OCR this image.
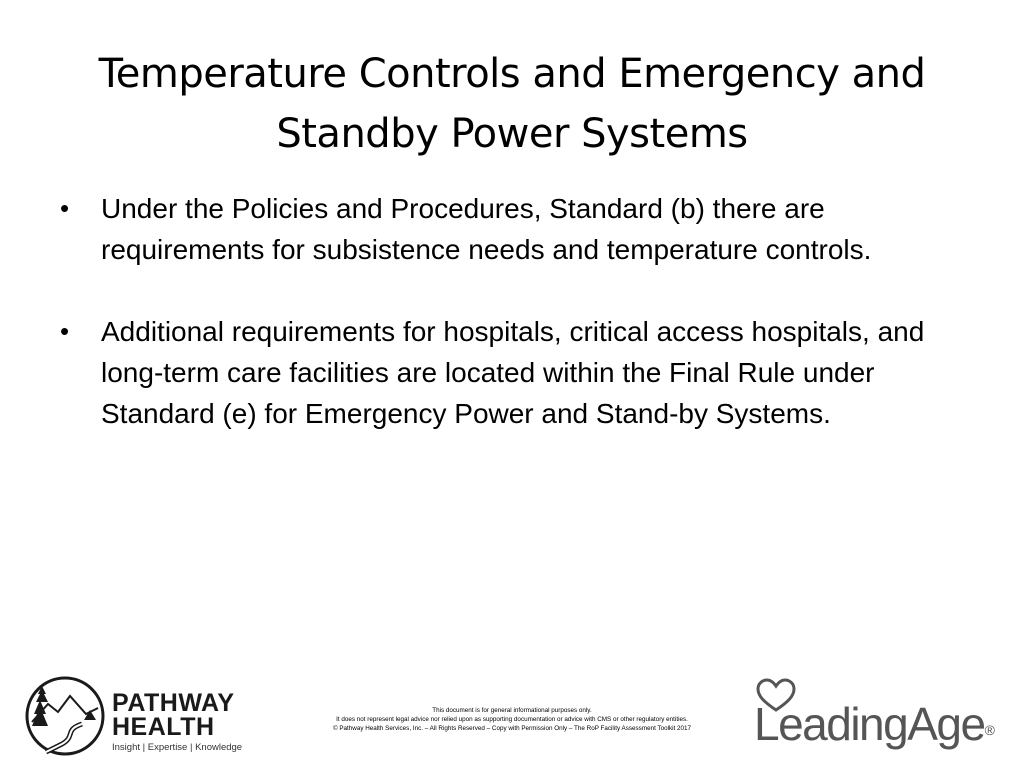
Temperature Controls and Emergency and Standby Power Systems
•	Under the Policies and Procedures, Standard (b) there are requirements for subsistence needs and temperature controls.
•	Additional requirements for hospitals, critical access hospitals, and long-term care facilities are located within the Final Rule under Standard (e) for Emergency Power and Stand-by Systems.
PATHWAY
HEALTH
Insight | Expertise | Knowledge
This document is for general informational purposes only.
It does not represent legal advice nor relied upon as supporting documentation or advice with CMS or other regulatory entities.
© Pathway Health Services, Inc. – All Rights Reserved – Copy with Permission Only – The RoP Facility Assessment Toolkit 2017	LeadingAge®
